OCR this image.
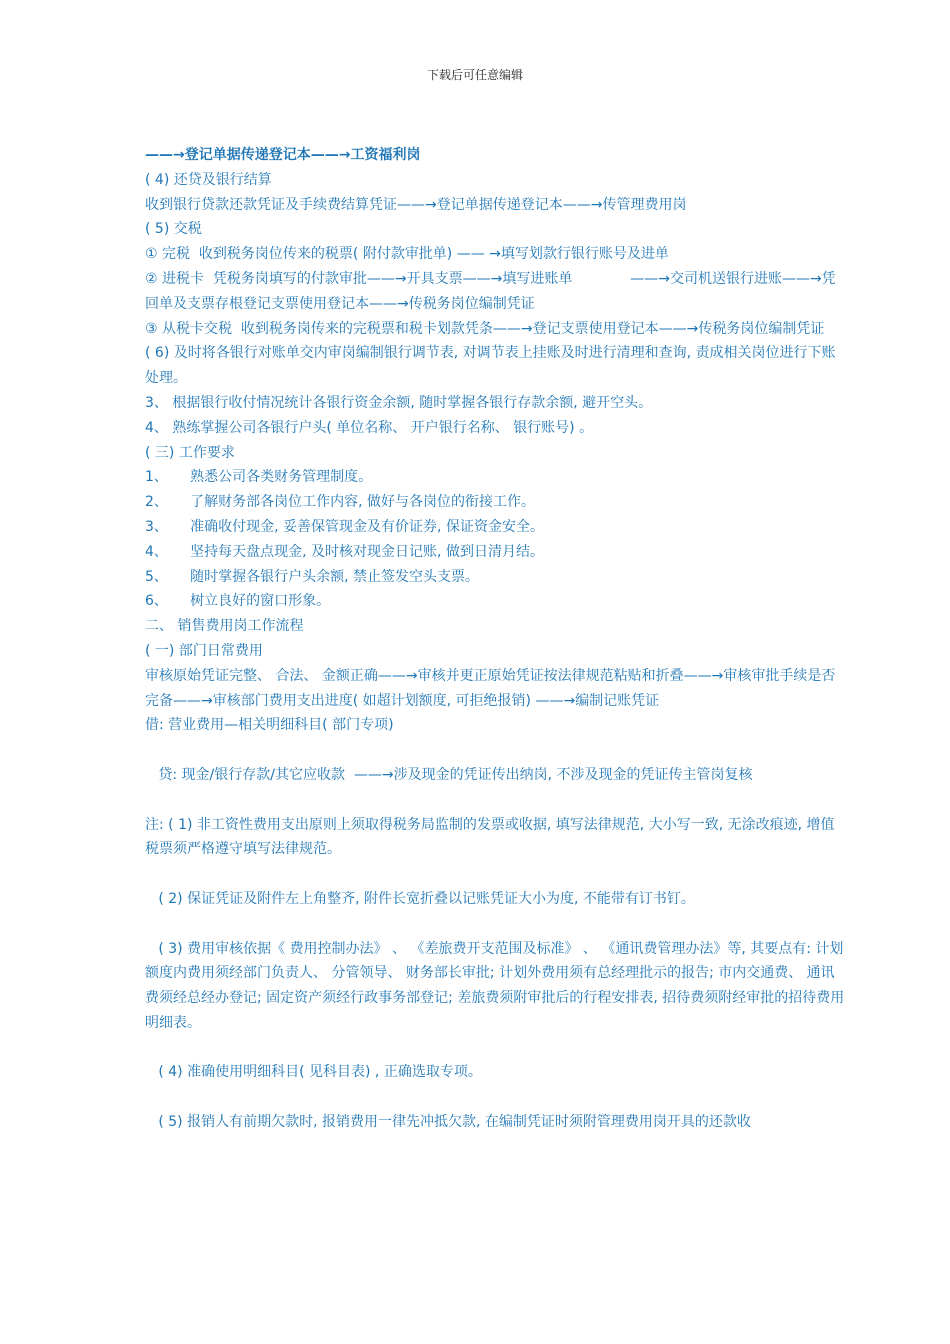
下载后可任意编辑

——→登记单据传递登记本——→工资福利岗

( 4) 还贷及银行结算

收到银行贷款还款凭证及手续费结算凭证——→登记单据传递登记本——→传管理费用岗

( 5) 交税

① 完税  收到税务岗位传来的税票( 附付款审批单) —— →填写划款行银行账号及进单

② 进税卡  凭税务岗填写的付款审批——→开具支票——→填写进账单             ——→交司机送银行进账——→凭回单及支票存根登记支票使用登记本——→传税务岗位编制凭证

③ 从税卡交税  收到税务岗传来的完税票和税卡划款凭条——→登记支票使用登记本——→传税务岗位编制凭证

( 6) 及时将各银行对账单交内审岗编制银行调节表, 对调节表上挂账及时进行清理和查询, 责成相关岗位进行下账处理。

3、 根据银行收付情况统计各银行资金余额, 随时掌握各银行存款余额, 避开空头。

4、 熟练掌握公司各银行户头( 单位名称、 开户银行名称、 银行账号) 。

( 三) 工作要求

1、     熟悉公司各类财务管理制度。

2、     了解财务部各岗位工作内容, 做好与各岗位的衔接工作。

3、     准确收付现金, 妥善保管现金及有价证券, 保证资金安全。

4、     坚持每天盘点现金, 及时核对现金日记账, 做到日清月结。

5、     随时掌握各银行户头余额, 禁止签发空头支票。

6、     树立良好的窗口形象。

二、 销售费用岗工作流程

( 一) 部门日常费用

审核原始凭证完整、 合法、 金额正确——→审核并更正原始凭证按法律规范粘贴和折叠——→审核审批手续是否完备——→审核部门费用支出进度( 如超计划额度, 可拒绝报销) ——→编制记账凭证

借: 营业费用—相关明细科目( 部门专项)

贷: 现金/银行存款/其它应收款  ——→涉及现金的凭证传出纳岗, 不涉及现金的凭证传主管岗复核

注: ( 1) 非工资性费用支出原则上须取得税务局监制的发票或收据, 填写法律规范, 大小写一致, 无涂改痕迹, 增值税票须严格遵守填写法律规范。

( 2) 保证凭证及附件左上角整齐, 附件长宽折叠以记账凭证大小为度, 不能带有订书钉。

( 3) 费用审核依据《 费用控制办法》 、 《差旅费开支范围及标准》 、 《通讯费管理办法》等, 其要点有: 计划额度内费用须经部门负责人、 分管领导、 财务部长审批; 计划外费用须有总经理批示的报告; 市内交通费、 通讯费须经总经办登记; 固定资产须经行政事务部登记; 差旅费须附审批后的行程安排表, 招待费须附经审批的招待费用明细表。

( 4) 准确使用明细科目( 见科目表) , 正确选取专项。

( 5) 报销人有前期欠款时, 报销费用一律先冲抵欠款, 在编制凭证时须附管理费用岗开具的还款收
